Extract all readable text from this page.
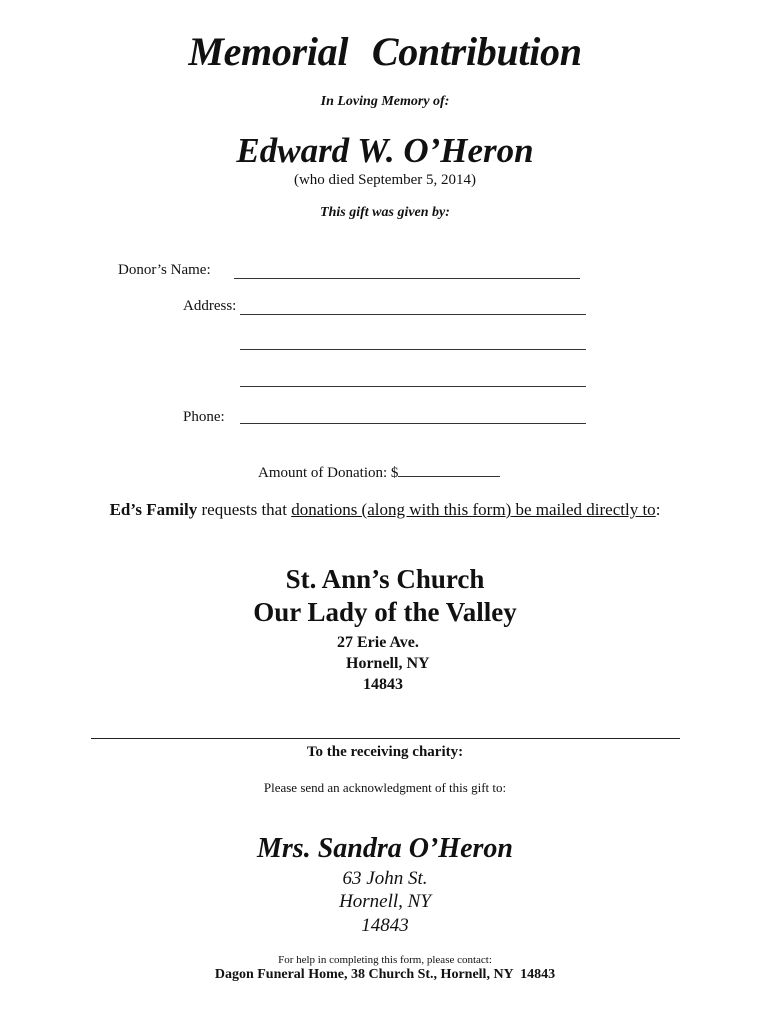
Memorial Contribution
In Loving Memory of:
Edward W. O’Heron
(who died September 5, 2014)
This gift was given by:
Donor’s Name:
Address:
Phone:
Amount of Donation: $
Ed’s Family requests that donations (along with this form) be mailed directly to:
St. Ann’s Church
Our Lady of the Valley
27 Erie Ave.
Hornell, NY
14843
To the receiving charity:
Please send an acknowledgment of this gift to:
Mrs. Sandra O’Heron
63 John St.
Hornell, NY
14843
For help in completing this form, please contact:
Dagon Funeral Home, 38 Church St., Hornell, NY  14843
